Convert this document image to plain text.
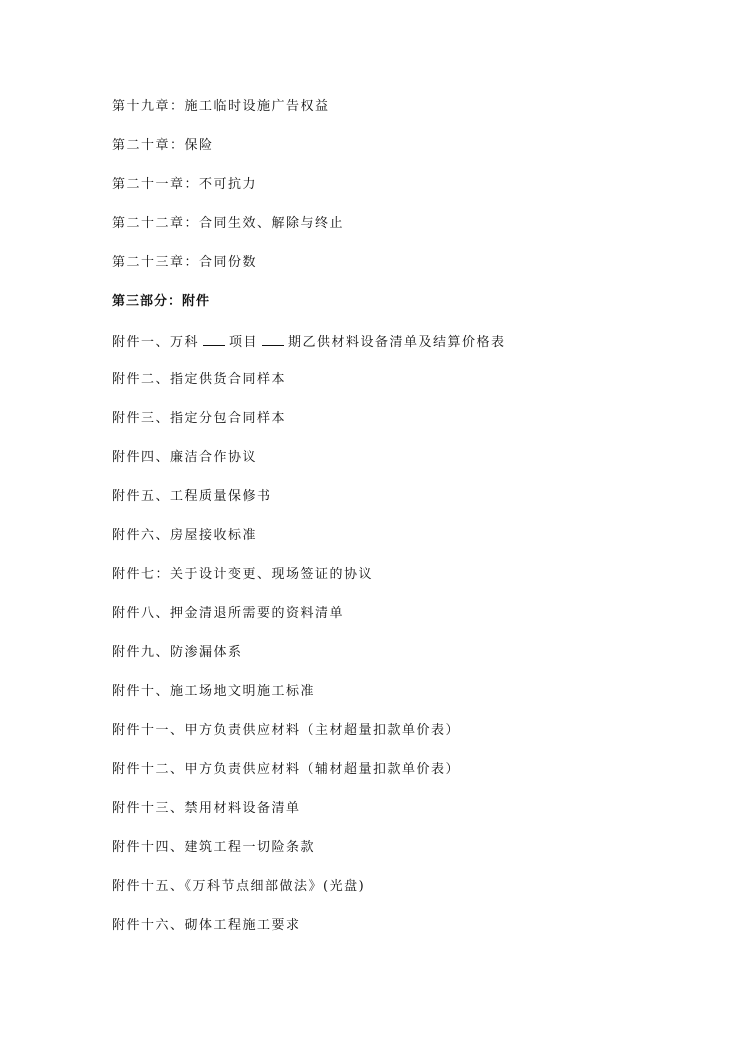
第十九章：施工临时设施广告权益
第二十章：保险
第二十一章：不可抗力
第二十二章：合同生效、解除与终止
第二十三章：合同份数
第三部分：附件
附件一、万科 项目 期乙供材料设备清单及结算价格表
附件二、指定供货合同样本
附件三、指定分包合同样本
附件四、廉洁合作协议
附件五、工程质量保修书
附件六、房屋接收标准
附件七：关于设计变更、现场签证的协议
附件八、押金清退所需要的资料清单
附件九、防渗漏体系
附件十、施工场地文明施工标准
附件十一、甲方负责供应材料（主材超量扣款单价表）
附件十二、甲方负责供应材料（辅材超量扣款单价表）
附件十三、禁用材料设备清单
附件十四、建筑工程一切险条款
附件十五、《万科节点细部做法》(光盘)
附件十六、砌体工程施工要求
